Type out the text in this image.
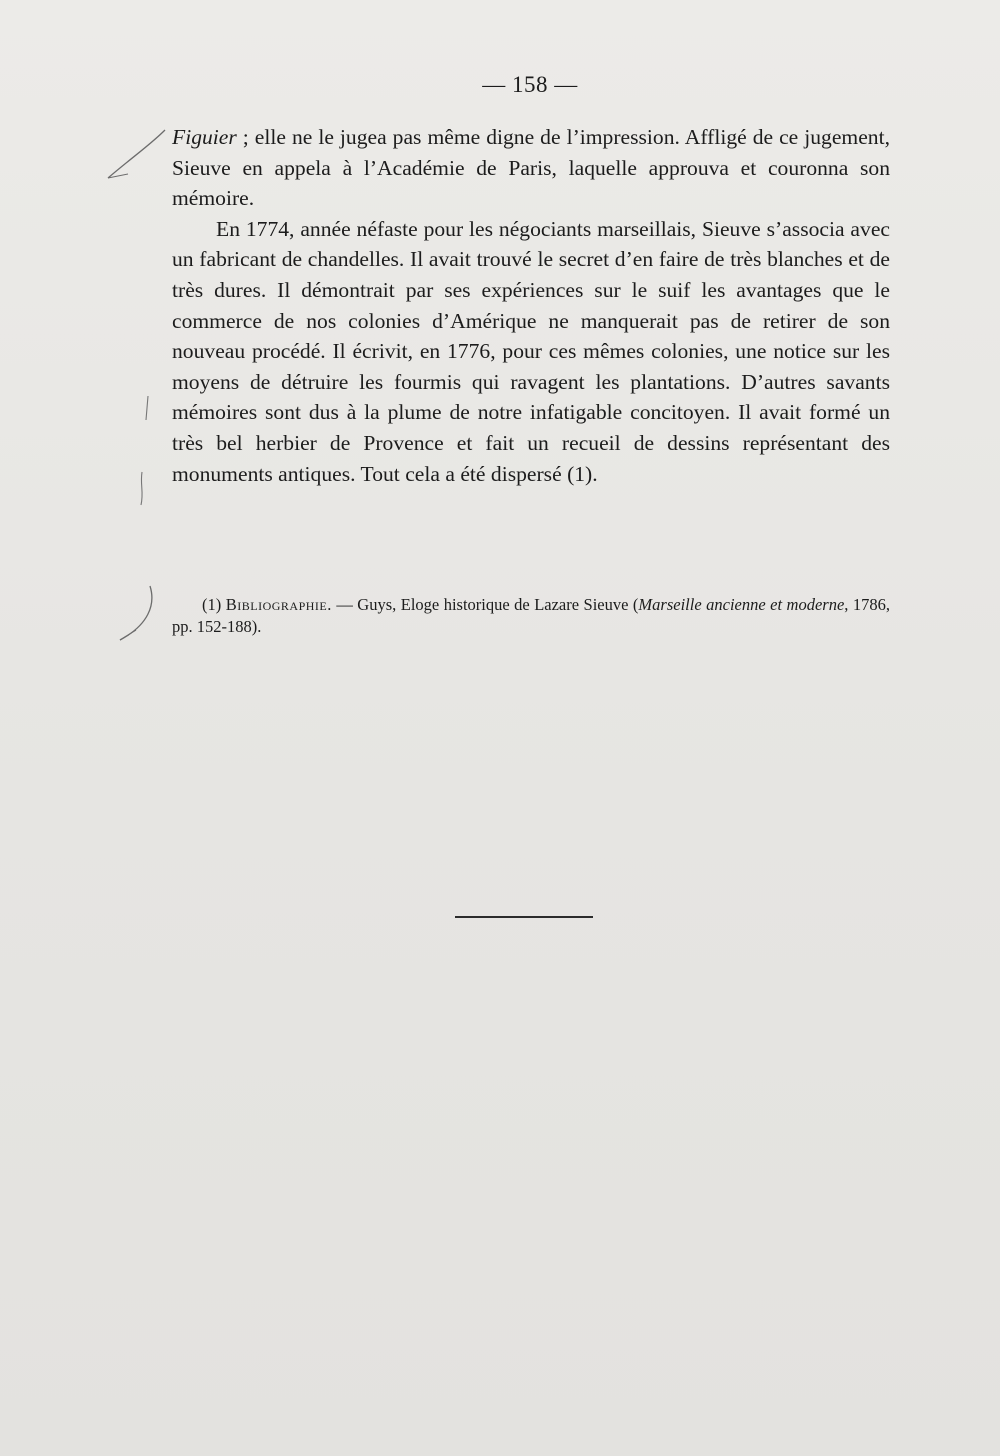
— 158 —

Figuier ; elle ne le jugea pas même digne de l’impression. Affligé de ce jugement, Sieuve en appela à l’Académie de Paris, laquelle approuva et couronna son mémoire.

En 1774, année néfaste pour les négociants marseillais, Sieuve s’associa avec un fabricant de chandelles. Il avait trouvé le secret d’en faire de très blanches et de très dures. Il démontrait par ses expériences sur le suif les avantages que le commerce de nos colonies d’Amérique ne manquerait pas de retirer de son nouveau procédé. Il écrivit, en 1776, pour ces mêmes colonies, une notice sur les moyens de détruire les fourmis qui ravagent les plantations. D’autres savants mémoires sont dus à la plume de notre infatigable concitoyen. Il avait formé un très bel herbier de Provence et fait un recueil de dessins représentant des monuments antiques. Tout cela a été dispersé (1).

(1) Bibliographie. — Guys, Eloge historique de Lazare Sieuve (Marseille ancienne et moderne, 1786, pp. 152-188).
